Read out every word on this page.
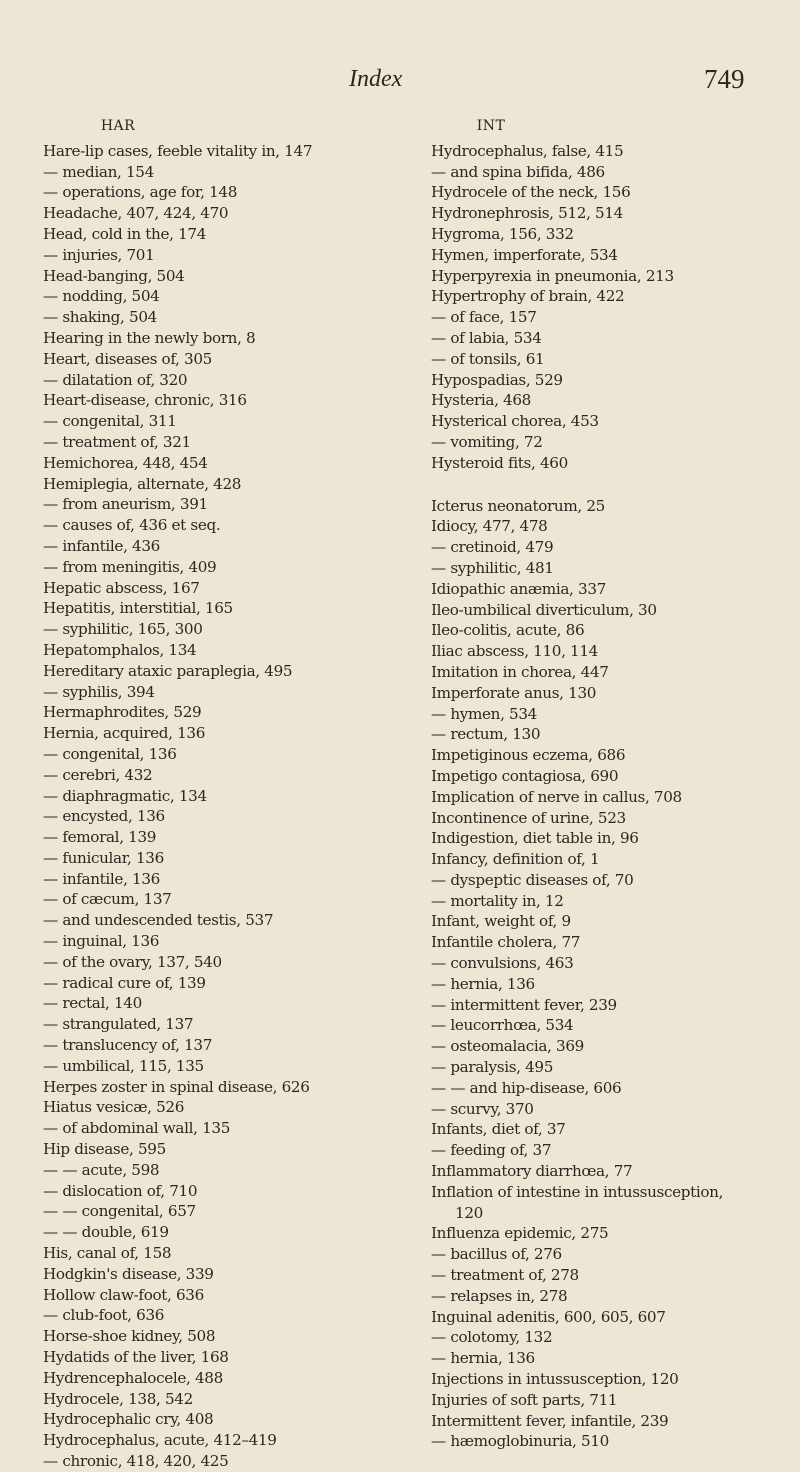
Index	749
HAR
Hare-lip cases, feeble vitality in, 147
— median, 154
— operations, age for, 148
Headache, 407, 424, 470
Head, cold in the, 174
— injuries, 701
Head-banging, 504
— nodding, 504
— shaking, 504
Hearing in the newly born, 8
Heart, diseases of, 305
— dilatation of, 320
Heart-disease, chronic, 316
— congenital, 311
— treatment of, 321
Hemichorea, 448, 454
Hemiplegia, alternate, 428
— from aneurism, 391
— causes of, 436 et seq.
— infantile, 436
— from meningitis, 409
Hepatic abscess, 167
Hepatitis, interstitial, 165
— syphilitic, 165, 300
Hepatomphalos, 134
Hereditary ataxic paraplegia, 495
— syphilis, 394
Hermaphrodites, 529
Hernia, acquired, 136
— congenital, 136
— cerebri, 432
— diaphragmatic, 134
— encysted, 136
— femoral, 139
— funicular, 136
— infantile, 136
— of cæcum, 137
— and undescended testis, 537
— inguinal, 136
— of the ovary, 137, 540
— radical cure of, 139
— rectal, 140
— strangulated, 137
— translucency of, 137
— umbilical, 115, 135
Herpes zoster in spinal disease, 626
Hiatus vesicæ, 526
— of abdominal wall, 135
Hip disease, 595
— — acute, 598
— dislocation of, 710
— — congenital, 657
— — double, 619
His, canal of, 158
Hodgkin's disease, 339
Hollow claw-foot, 636
— club-foot, 636
Horse-shoe kidney, 508
Hydatids of the liver, 168
Hydrencephalocele, 488
Hydrocele, 138, 542
Hydrocephalic cry, 408
Hydrocephalus, acute, 412–419
— chronic, 418, 420, 425
INT
Hydrocephalus, false, 415
— and spina bifida, 486
Hydrocele of the neck, 156
Hydronephrosis, 512, 514
Hygroma, 156, 332
Hymen, imperforate, 534
Hyperpyrexia in pneumonia, 213
Hypertrophy of brain, 422
— of face, 157
— of labia, 534
— of tonsils, 61
Hypospadias, 529
Hysteria, 468
Hysterical chorea, 453
— vomiting, 72
Hysteroid fits, 460
Icterus neonatorum, 25
Idiocy, 477, 478
— cretinoid, 479
— syphilitic, 481
Idiopathic anæmia, 337
Ileo-umbilical diverticulum, 30
Ileo-colitis, acute, 86
Iliac abscess, 110, 114
Imitation in chorea, 447
Imperforate anus, 130
— hymen, 534
— rectum, 130
Impetiginous eczema, 686
Impetigo contagiosa, 690
Implication of nerve in callus, 708
Incontinence of urine, 523
Indigestion, diet table in, 96
Infancy, definition of, 1
— dyspeptic diseases of, 70
— mortality in, 12
Infant, weight of, 9
Infantile cholera, 77
— convulsions, 463
— hernia, 136
— intermittent fever, 239
— leucorrhœa, 534
— osteomalacia, 369
— paralysis, 495
— — and hip-disease, 606
— scurvy, 370
Infants, diet of, 37
— feeding of, 37
Inflammatory diarrhœa, 77
Inflation of intestine in intussusception,
120
Influenza epidemic, 275
— bacillus of, 276
— treatment of, 278
— relapses in, 278
Inguinal adenitis, 600, 605, 607
— colotomy, 132
— hernia, 136
Injections in intussusception, 120
Injuries of soft parts, 711
Intermittent fever, infantile, 239
— hæmoglobinuria, 510
